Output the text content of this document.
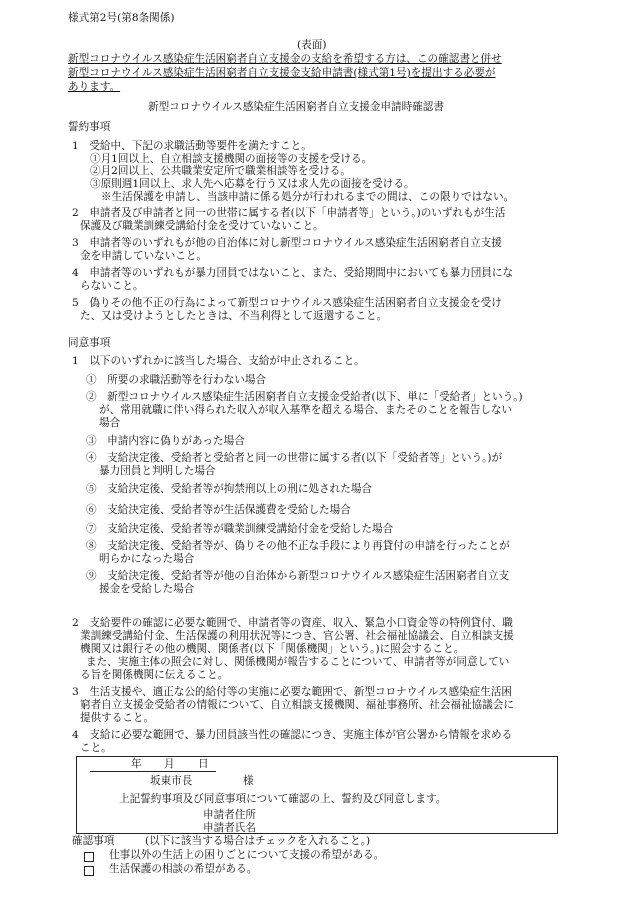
様式第2号(第8条関係)
(表面)
新型コロナウイルス感染症生活困窮者自立支援金の支給を希望する方は、この確認書と併せ
新型コロナウイルス感染症生活困窮者自立支援金支給申請書(様式第1号)を提出する必要が
あります。
新型コロナウイルス感染症生活困窮者自立支援金申請時確認書
誓約事項
1　受給中、下記の求職活動等要件を満たすこと。
①月1回以上、自立相談支援機関の面接等の支援を受ける。
②月2回以上、公共職業安定所で職業相談等を受ける。
③原則週1回以上、求人先へ応募を行う又は求人先の面接を受ける。
※生活保護を申請し、当該申請に係る処分が行われるまでの間は、この限りではない。
2　申請者及び申請者と同一の世帯に属する者(以下「申請者等」という。)のいずれもが生活
保護及び職業訓練受講給付金を受けていないこと。
3　申請者等のいずれもが他の自治体に対し新型コロナウイルス感染症生活困窮者自立支援
金を申請していないこと。
4　申請者等のいずれもが暴力団員ではないこと、また、受給期間中においても暴力団員にな
らないこと。
5　偽りその他不正の行為によって新型コロナウイルス感染症生活困窮者自立支援金を受け
た、又は受けようとしたときは、不当利得として返還すること。
同意事項
1　以下のいずれかに該当した場合、支給が中止されること。
①　所要の求職活動等を行わない場合
②　新型コロナウイルス感染症生活困窮者自立支援金受給者(以下、単に「受給者」という。)
が、常用就職に伴い得られた収入が収入基準を超える場合、またそのことを報告しない
場合
③　申請内容に偽りがあった場合
④　支給決定後、受給者と受給者と同一の世帯に属する者(以下「受給者等」という。)が
暴力団員と判明した場合
⑤　支給決定後、受給者等が拘禁刑以上の刑に処された場合
⑥　支給決定後、受給者等が生活保護費を受給した場合
⑦　支給決定後、受給者等が職業訓練受講給付金を受給した場合
⑧　支給決定後、受給者等が、偽りその他不正な手段により再貸付の申請を行ったことが
明らかになった場合
⑨　支給決定後、受給者等が他の自治体から新型コロナウイルス感染症生活困窮者自立支
援金を受給した場合
2　支給要件の確認に必要な範囲で、申請者等の資産、収入、緊急小口資金等の特例貸付、職
業訓練受講給付金、生活保護の利用状況等につき、官公署、社会福祉協議会、自立相談支援
機関又は銀行その他の機関、関係者(以下「関係機関」という。)に照会すること。
また、実施主体の照会に対し、関係機関が報告することについて、申請者等が同意してい
る旨を関係機関に伝えること。
3　生活支援や、適正な公的給付等の実施に必要な範囲で、新型コロナウイルス感染症生活困
窮者自立支援金受給者の情報について、自立相談支援機関、福祉事務所、社会福祉協議会に
提供すること。
4　支給に必要な範囲で、暴力団員該当性の確認につき、実施主体が官公署から情報を求める
こと。
年 月 日
坂東市長	様
上記誓約事項及び同意事項について確認の上、誓約及び同意します。
申請者住所
申請者氏名
確認事項	(以下に該当する場合はチェックを入れること。)
仕事以外の生活上の困りごとについて支援の希望がある。
生活保護の相談の希望がある。
